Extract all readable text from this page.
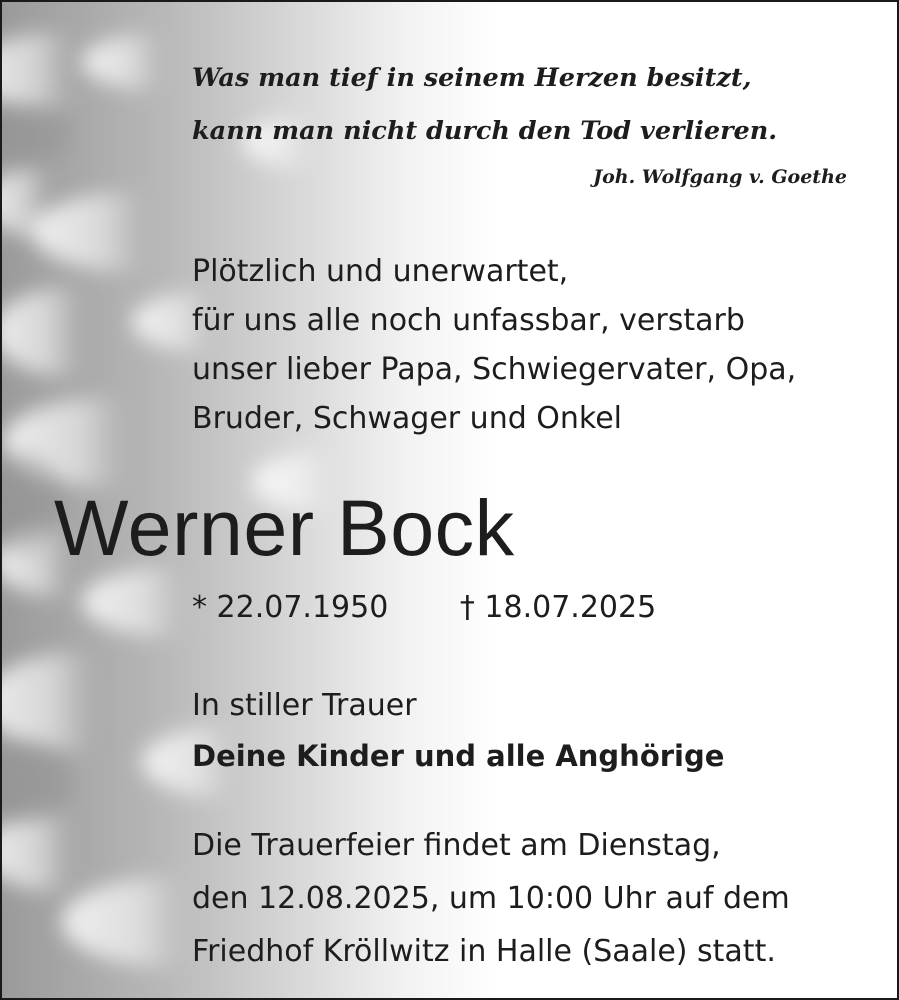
Was man tief in seinem Herzen besitzt,
kann man nicht durch den Tod verlieren.
Joh. Wolfgang v. Goethe
Plötzlich und unerwartet,
für uns alle noch unfassbar, verstarb
unser lieber Papa, Schwiegervater, Opa,
Bruder, Schwager und Onkel
Werner Bock
* 22.07.1950 † 18.07.2025
In stiller Trauer
Deine Kinder und alle Anghörige
Die Trauerfeier findet am Dienstag,
den 12.08.2025, um 10:00 Uhr auf dem
Friedhof Kröllwitz in Halle (Saale) statt.
